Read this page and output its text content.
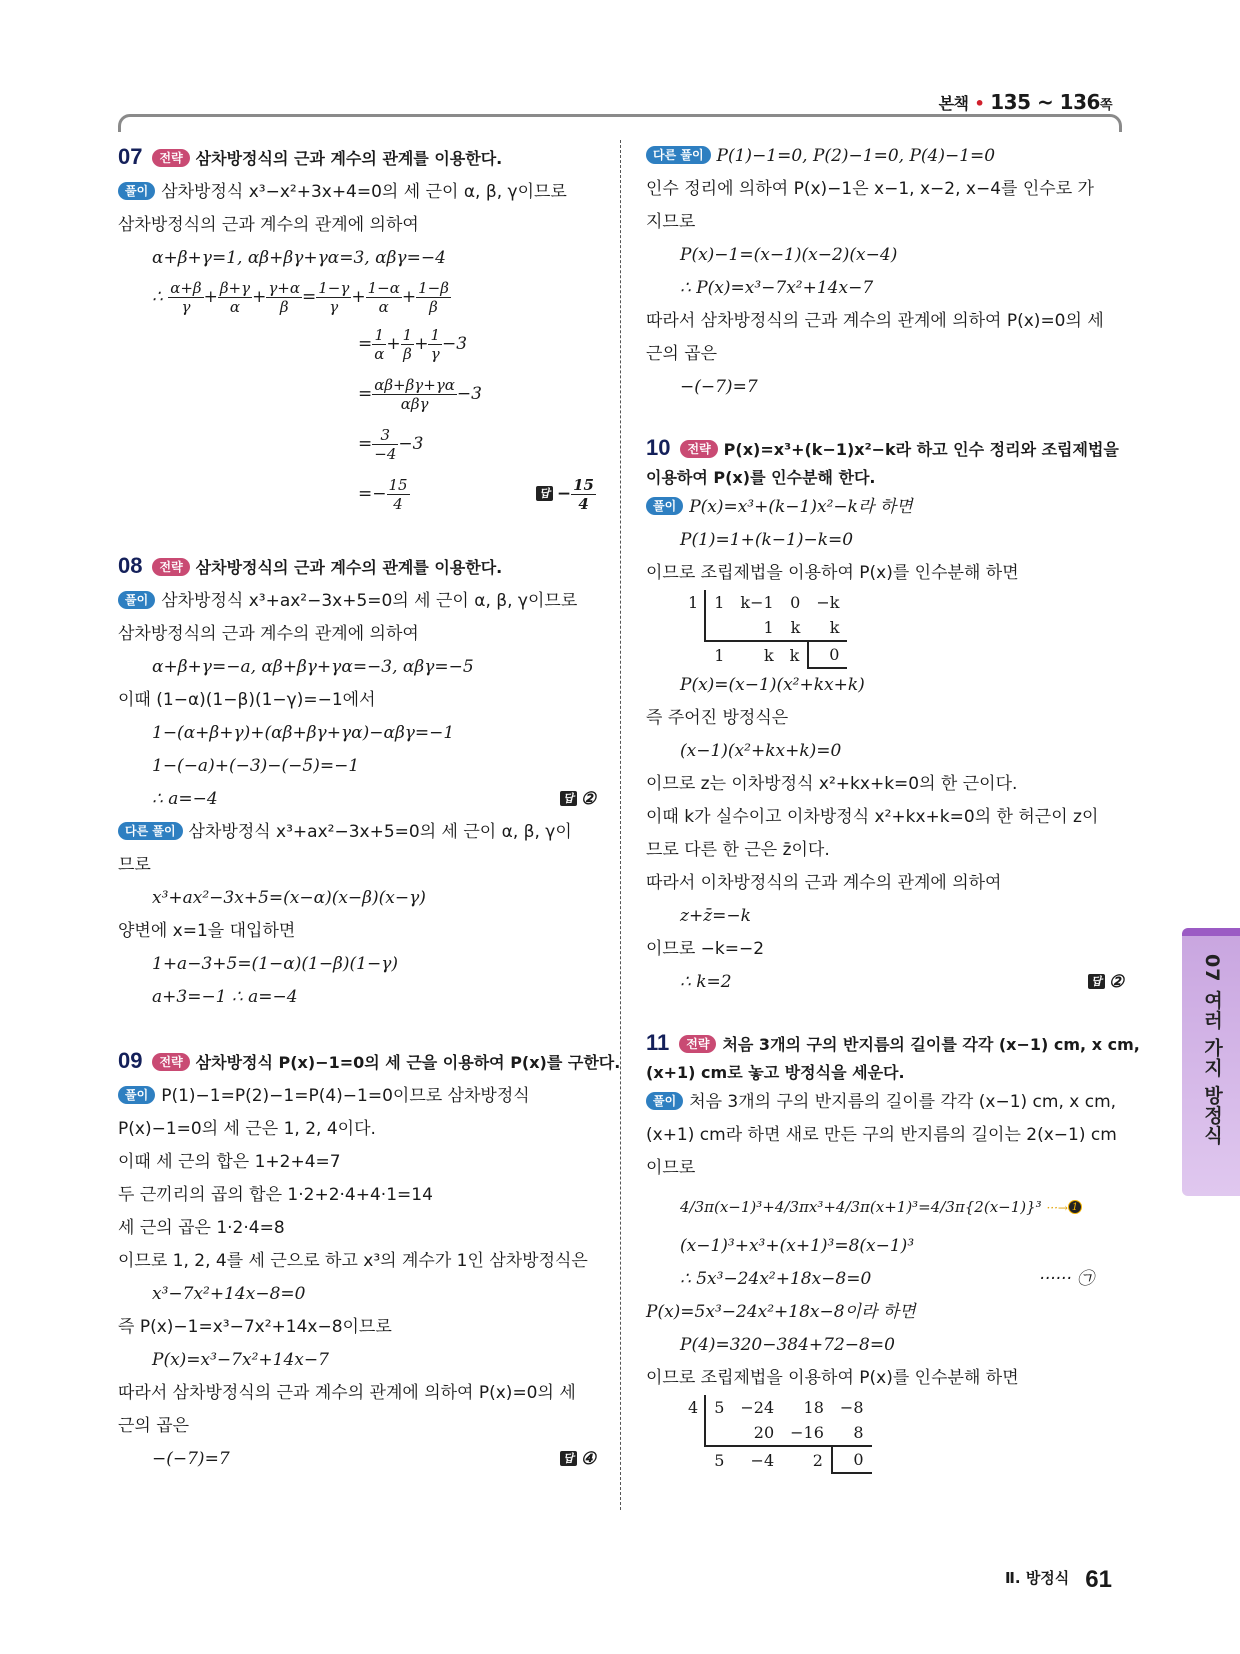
본책 • 135 ~ 136쪽
07 전략 삼차방정식의 근과 계수의 관계를 이용한다.
풀이 삼차방정식 x³−x²+3x+4=0의 세 근이 α, β, γ이므로
삼차방정식의 근과 계수의 관계에 의하여
α+β+γ=1, αβ+βγ+γα=3, αβγ=−4
∴ $\frac{\alpha+\beta}{\gamma} + \frac{\beta+\gamma}{\alpha} + \frac{\gamma+\alpha}{\beta} = \frac{1-\gamma}{\gamma} + \frac{1-\alpha}{\alpha} + \frac{1-\beta}{\beta}$
= $\frac{1}{\alpha} + \frac{1}{\beta} + \frac{1}{\gamma} -3$
= $\frac{\alpha\beta+\beta\gamma+\gamma\alpha}{\text{αβγ}} -3$
= $\frac{3}{-4} -3$
=− $\frac{15}{4}$	답 − $\frac{15}{4}$
08 전략 삼차방정식의 근과 계수의 관계를 이용한다.
풀이 삼차방정식 x³+ax²−3x+5=0의 세 근이 α, β, γ이므로
삼차방정식의 근과 계수의 관계에 의하여
α+β+γ=−a, αβ+βγ+γα=−3, αβγ=−5
이때 (1−α)(1−β)(1−γ)=−1에서
1−(α+β+γ)+(αβ+βγ+γα)−αβγ=−1
1−(−a)+(−3)−(−5)=−1
∴ a=−4	답 ②
다른 풀이 삼차방정식 x³+ax²−3x+5=0의 세 근이 α, β, γ이
므로
x³+ax²−3x+5=(x−α)(x−β)(x−γ)
양변에 x=1을 대입하면
1+a−3+5=(1−α)(1−β)(1−γ)
a+3=−1 ∴ a=−4
09 전략 삼차방정식 P(x)−1=0의 세 근을 이용하여 P(x)를 구한다.
풀이 P(1)−1=P(2)−1=P(4)−1=0이므로 삼차방정식
P(x)−1=0의 세 근은 1, 2, 4이다.
이때 세 근의 합은 1+2+4=7
두 근끼리의 곱의 합은 1·2+2·4+4·1=14
세 근의 곱은 1·2·4=8
이므로 1, 2, 4를 세 근으로 하고 x³의 계수가 1인 삼차방정식은
x³−7x²+14x−8=0
즉 P(x)−1=x³−7x²+14x−8이므로
P(x)=x³−7x²+14x−7
따라서 삼차방정식의 근과 계수의 관계에 의하여 P(x)=0의 세
근의 곱은
−(−7)=7	답 ④
다른 풀이 P(1)−1=0, P(2)−1=0, P(4)−1=0
인수 정리에 의하여 P(x)−1은 x−1, x−2, x−4를 인수로 가
지므로
P(x)−1=(x−1)(x−2)(x−4)
∴ P(x)=x³−7x²+14x−7
따라서 삼차방정식의 근과 계수의 관계에 의하여 P(x)=0의 세
근의 곱은
−(−7)=7
10 전략 P(x)=x³+(k−1)x²−k라 하고 인수 정리와 조립제법을
이용하여 P(x)를 인수분해 한다.
풀이 P(x)=x³+(k−1)x²−k라 하면
P(1)=1+(k−1)−k=0
이므로 조립제법을 이용하여 P(x)를 인수분해 하면
1	1	k−1	0	−k
		1	k	k
	1	k	k	0
P(x)=(x−1)(x²+kx+k)
즉 주어진 방정식은
(x−1)(x²+kx+k)=0
이므로 z는 이차방정식 x²+kx+k=0의 한 근이다.
이때 k가 실수이고 이차방정식 x²+kx+k=0의 한 허근이 z이
므로 다른 한 근은 z̄이다.
따라서 이차방정식의 근과 계수의 관계에 의하여
z+z̄=−k
이므로 −k=−2
∴ k=2	답 ②
11 전략 처음 3개의 구의 반지름의 길이를 각각 (x−1) cm, x cm,
(x+1) cm로 놓고 방정식을 세운다.
풀이 처음 3개의 구의 반지름의 길이를 각각 (x−1) cm, x cm,
(x+1) cm라 하면 새로 만든 구의 반지름의 길이는 2(x−1) cm
이므로
4/3π(x−1)³+4/3πx³+4/3π(x+1)³=4/3π{2(x−1)}³ ···→ 1
(x−1)³+x³+(x+1)³=8(x−1)³
∴ 5x³−24x²+18x−8=0	······ ㉠
P(x)=5x³−24x²+18x−8이라 하면
P(4)=320−384+72−8=0
이므로 조립제법을 이용하여 P(x)를 인수분해 하면
4	5	−24	18	−8
		20	−16	8
	5	−4	2	0
07 여러 가지 방정식
Ⅱ. 방정식 61
